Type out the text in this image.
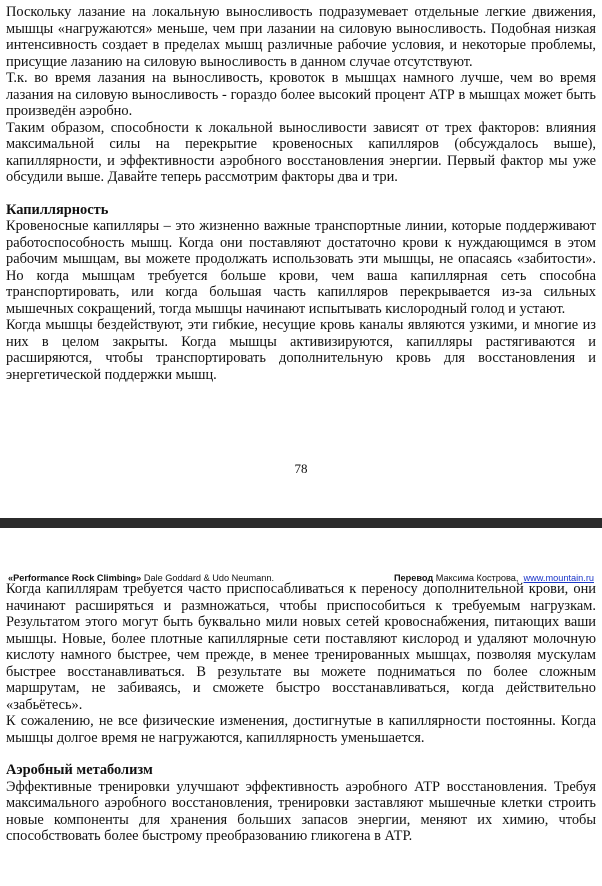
Поскольку лазание на локальную выносливость подразумевает отдельные легкие движения, мышцы «нагружаются» меньше, чем при лазании на силовую выносливость. Подобная низкая интенсивность создает в пределах мышц различные рабочие условия, и некоторые проблемы, присущие лазанию на силовую выносливость в данном случае отсутствуют.

Т.к. во время лазания на выносливость, кровоток в мышцах намного лучше, чем во время лазания на силовую выносливость - гораздо более высокий процент АТР в мышцах может быть произведён аэробно.

Таким образом, способности к локальной выносливости зависят от трех факторов: влияния максимальной силы на перекрытие кровеносных капилляров (обсуждалось выше), капиллярности, и эффективности аэробного восстановления энергии. Первый фактор мы уже обсудили выше. Давайте теперь рассмотрим факторы два и три.

Капиллярность

Кровеносные капилляры – это жизненно важные транспортные линии, которые поддерживают работоспособность мышц. Когда они поставляют достаточно крови к нуждающимся в этом рабочим мышцам, вы можете продолжать использовать эти мышцы, не опасаясь «забитости». Но когда мышцам требуется больше крови, чем ваша капиллярная сеть способна транспортировать, или когда большая часть капилляров перекрывается из-за сильных мышечных сокращений, тогда мышцы начинают испытывать кислородный голод и устают.

Когда мышцы бездействуют, эти гибкие, несущие кровь каналы являются узкими, и многие из них в целом закрыты. Когда мышцы активизируются, капилляры растягиваются и расширяются, чтобы транспортировать дополнительную кровь для восстановления и энергетической поддержки мышц.

78
«Performance Rock Climbing» Dale Goddard & Udo Neumann.	Перевод Максима Кострова, www.mountain.ru

Когда капиллярам требуется часто приспосабливаться к переносу дополнительной крови, они начинают расширяться и размножаться, чтобы приспособиться к требуемым нагрузкам. Результатом этого могут быть буквально мили новых сетей кровоснабжения, питающих ваши мышцы. Новые, более плотные капиллярные сети поставляют кислород и удаляют молочную кислоту намного быстрее, чем прежде, в менее тренированных мышцах, позволяя мускулам быстрее восстанавливаться. В результате вы можете подниматься по более сложным маршрутам, не забиваясь, и сможете быстро восстанавливаться, когда действительно «забьётесь».

К сожалению, не все физические изменения, достигнутые в капиллярности постоянны. Когда мышцы долгое время не нагружаются, капиллярность уменьшается.

Аэробный метаболизм

Эффективные тренировки улучшают эффективность аэробного АТР восстановления. Требуя максимального аэробного восстановления, тренировки заставляют мышечные клетки строить новые компоненты для хранения больших запасов энергии, меняют их химию, чтобы способствовать более быстрому преобразованию гликогена в АТР.
